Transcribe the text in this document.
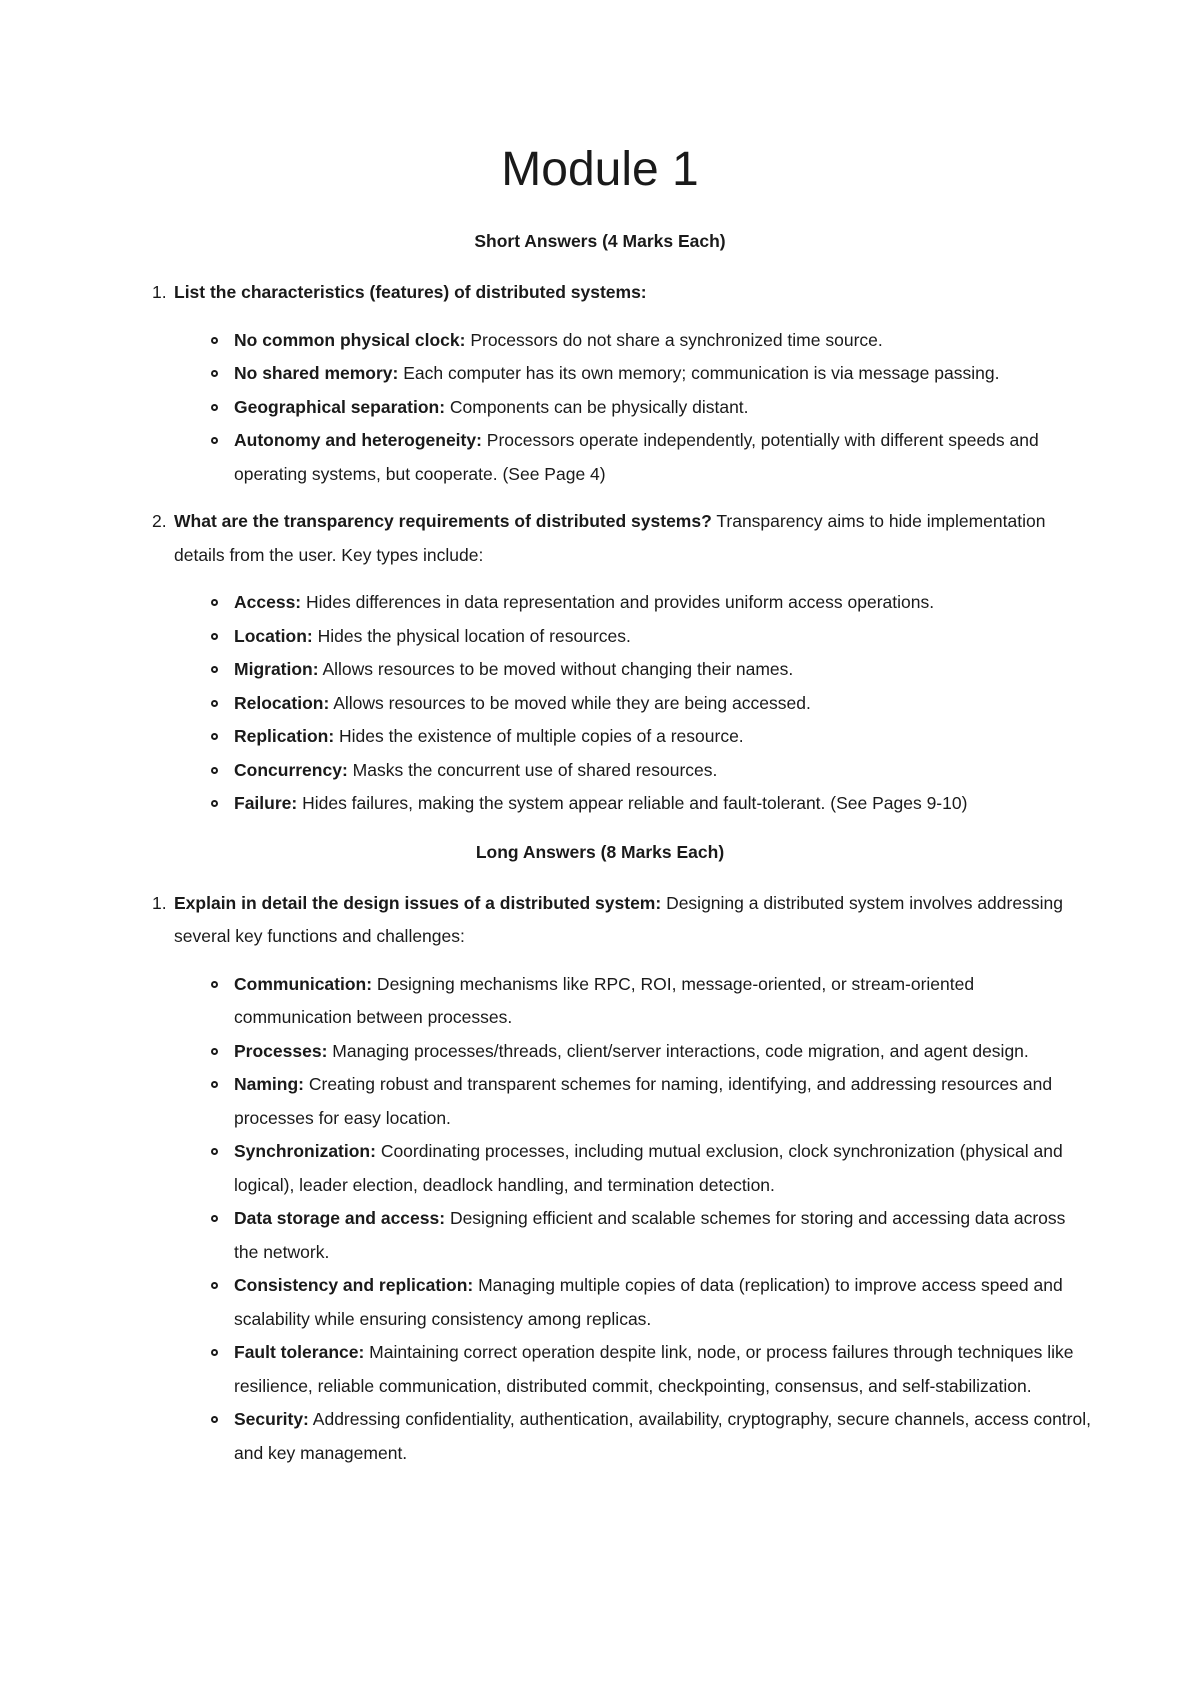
Module 1
Short Answers (4 Marks Each)

1. List the characteristics (features) of distributed systems:

No common physical clock: Processors do not share a synchronized time source.
No shared memory: Each computer has its own memory; communication is via message passing.
Geographical separation: Components can be physically distant.
Autonomy and heterogeneity: Processors operate independently, potentially with different speeds and operating systems, but cooperate. (See Page 4)

2. What are the transparency requirements of distributed systems? Transparency aims to hide implementation details from the user. Key types include:

Access: Hides differences in data representation and provides uniform access operations.
Location: Hides the physical location of resources.
Migration: Allows resources to be moved without changing their names.
Relocation: Allows resources to be moved while they are being accessed.
Replication: Hides the existence of multiple copies of a resource.
Concurrency: Masks the concurrent use of shared resources.
Failure: Hides failures, making the system appear reliable and fault-tolerant. (See Pages 9-10)
Long Answers (8 Marks Each)

1. Explain in detail the design issues of a distributed system: Designing a distributed system involves addressing several key functions and challenges:

Communication: Designing mechanisms like RPC, ROI, message-oriented, or stream-oriented communication between processes.
Processes: Managing processes/threads, client/server interactions, code migration, and agent design.
Naming: Creating robust and transparent schemes for naming, identifying, and addressing resources and processes for easy location.
Synchronization: Coordinating processes, including mutual exclusion, clock synchronization (physical and logical), leader election, deadlock handling, and termination detection.
Data storage and access: Designing efficient and scalable schemes for storing and accessing data across the network.
Consistency and replication: Managing multiple copies of data (replication) to improve access speed and scalability while ensuring consistency among replicas.
Fault tolerance: Maintaining correct operation despite link, node, or process failures through techniques like resilience, reliable communication, distributed commit, checkpointing, consensus, and self-stabilization.
Security: Addressing confidentiality, authentication, availability, cryptography, secure channels, access control, and key management.
